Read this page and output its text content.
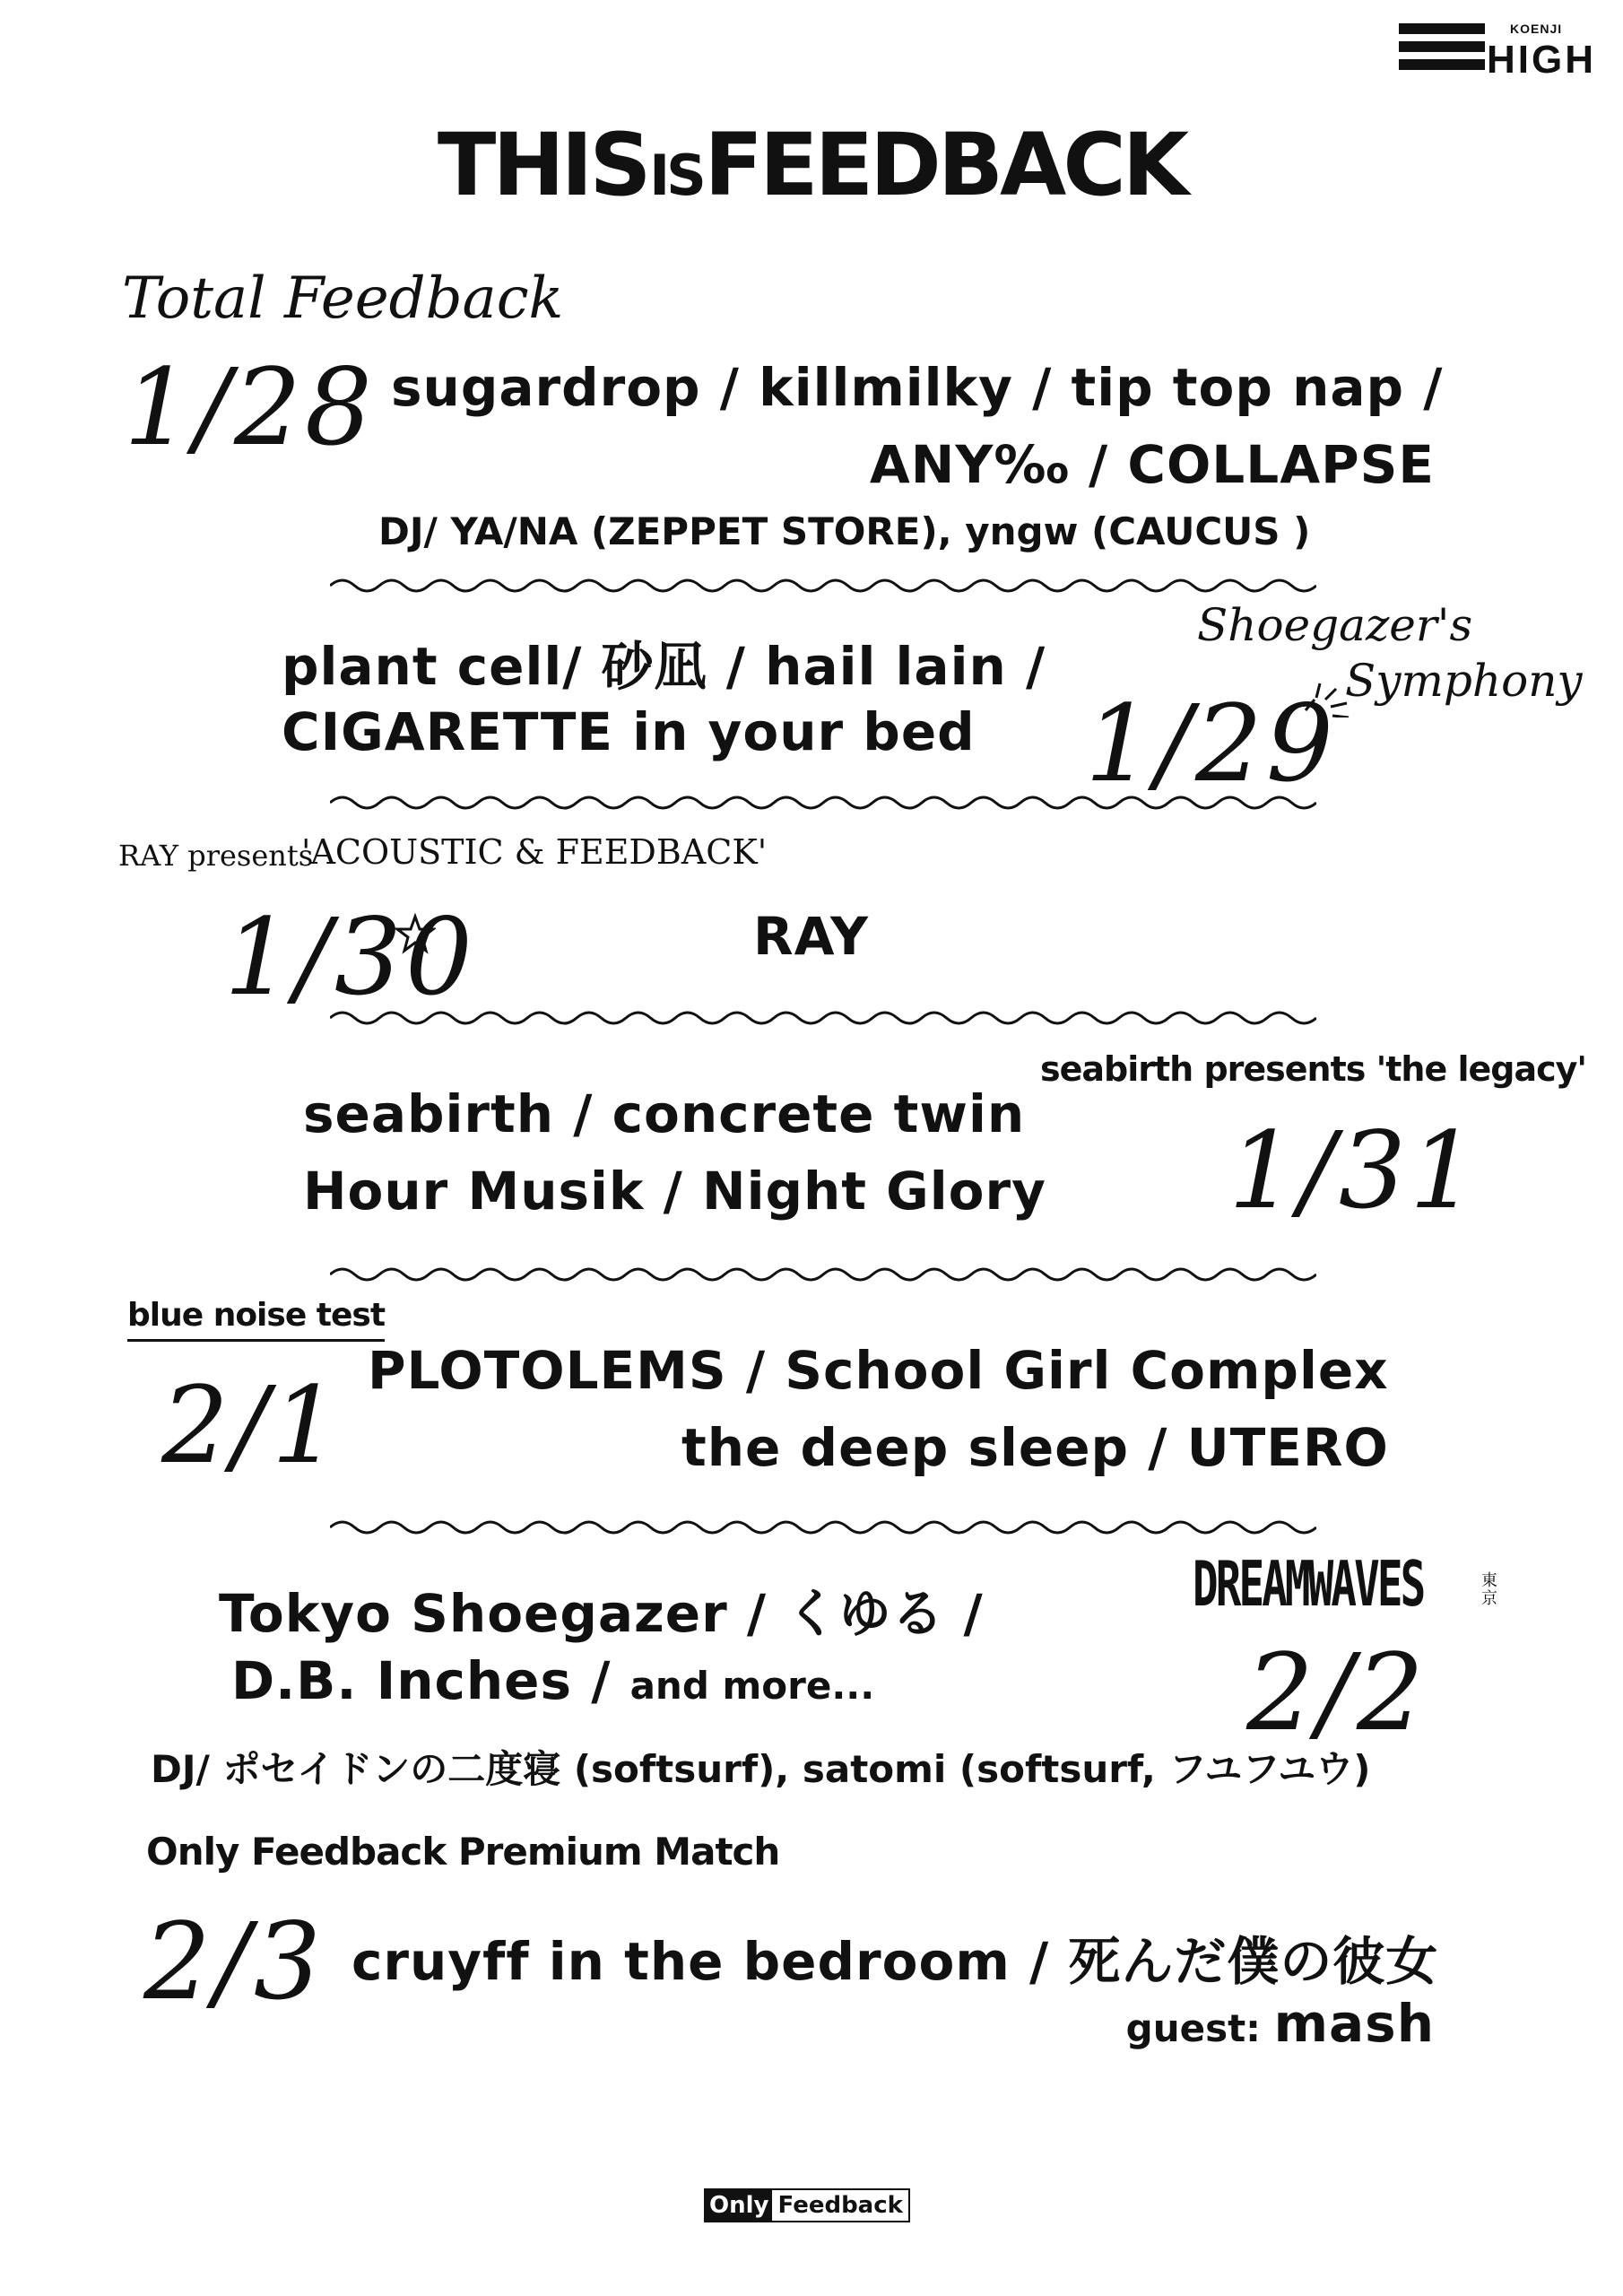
KOENJI
HIGH
THIS IS FEEDBACK
Total Feedback
1/28 sugardrop / killmilky / tip top nap /
ANY‰ / COLLAPSE
DJ/ YA/NA (ZEPPET STORE), yngw (CAUCUS )
plant cell/ 砂凪 / hail lain /
CIGARETTE in your bed
Shoegazer's
Symphony
1/29
RAY presents
'ACOUSTIC & FEEDBACK'
1/30	RAY
seabirth presents 'the legacy'
seabirth / concrete twin
Hour Musik / Night Glory 1/31
blue noise test
2/1 PLOTOLEMS / School Girl Complex
the deep sleep / UTERO
Tokyo Shoegazer / くゆる /
D.B. Inches / and more...
DREAMWAVES	東京
2/2
DJ/ ポセイドンの二度寝 (softsurf), satomi (softsurf, フユフユウ)
Only Feedback Premium Match
2/3 cruyff in the bedroom / 死んだ僕の彼女
guest: mash
Only Feedback
